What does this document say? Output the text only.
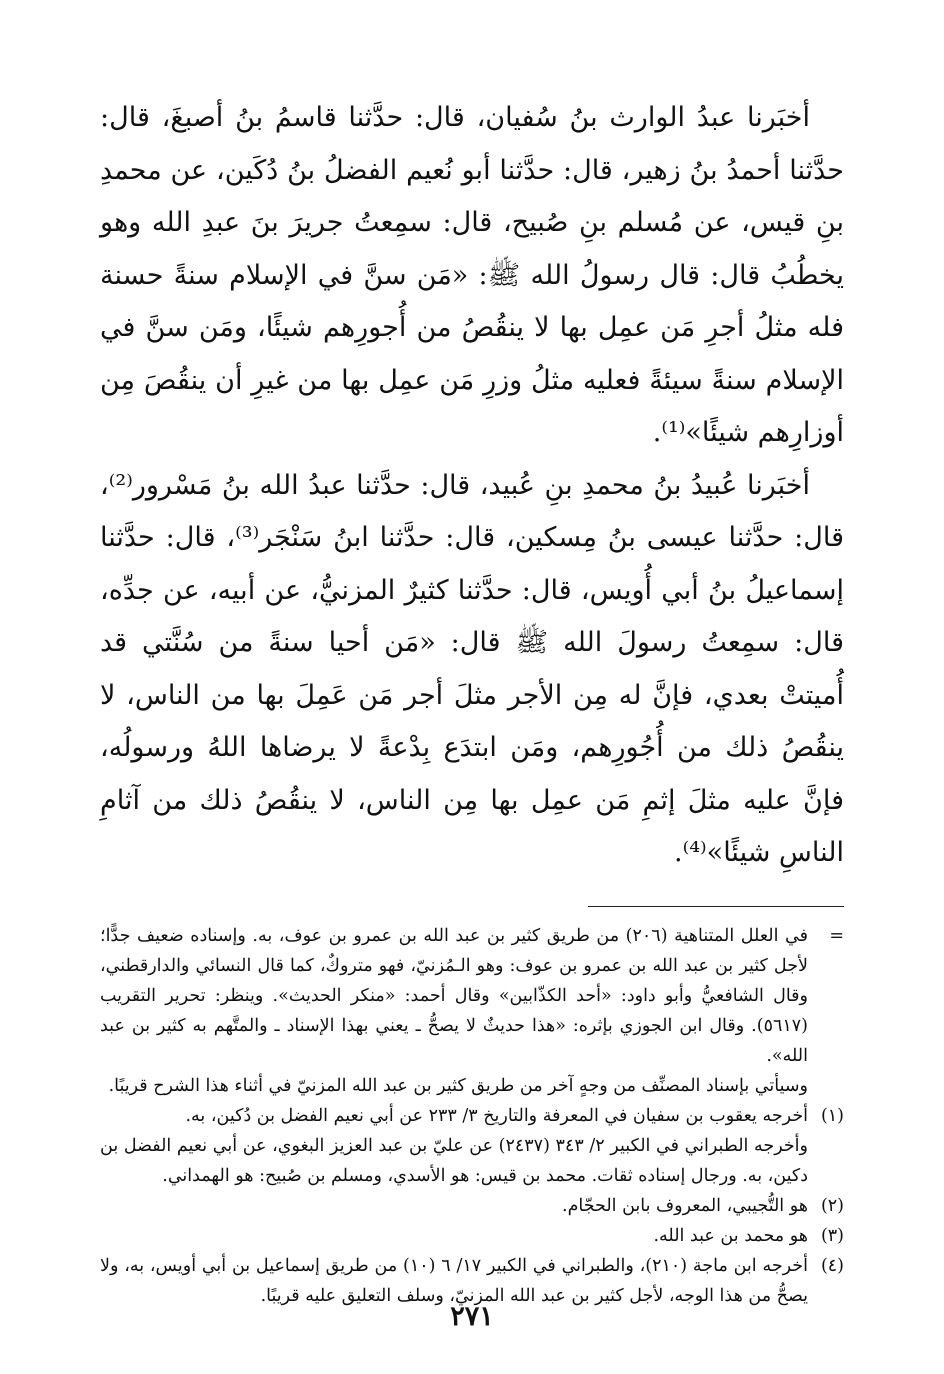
أخبَرنا عبدُ الوارث بنُ سُفيان، قال: حدَّثنا قاسمُ بنُ أصبغَ، قال: حدَّثنا أحمدُ بنُ زهير، قال: حدَّثنا أبو نُعيم الفضلُ بنُ دُكَين، عن محمدِ بنِ قيس، عن مُسلم بنِ صُبيح، قال: سمِعتُ جريرَ بنَ عبدِ الله وهو يخطُبُ قال: قال رسولُ الله ﷺ: «مَن سنَّ في الإسلام سنةً حسنة فله مثلُ أجرِ مَن عمِل بها لا ينقُصُ من أُجورِهم شيئًا، ومَن سنَّ في الإسلام سنةً سيئةً فعليه مثلُ وزرِ مَن عمِل بها من غيرِ أن ينقُصَ مِن أوزارِهم شيئًا»⁽¹⁾.

أخبَرنا عُبيدُ بنُ محمدِ بنِ عُبيد، قال: حدَّثنا عبدُ الله بنُ مَسْرور⁽²⁾، قال: حدَّثنا عيسى بنُ مِسكين، قال: حدَّثنا ابنُ سَنْجَر⁽³⁾، قال: حدَّثنا إسماعيلُ بنُ أبي أُويس، قال: حدَّثنا كثيرٌ المزنيُّ، عن أبيه، عن جدِّه، قال: سمِعتُ رسولَ الله ﷺ قال: «مَن أحيا سنةً من سُنَّتي قد أُميتتْ بعدي، فإنَّ له مِن الأجر مثلَ أجر مَن عَمِلَ بها من الناس، لا ينقُصُ ذلك من أُجُورِهم، ومَن ابتدَع بِدْعةً لا يرضاها اللهُ ورسولُه، فإنَّ عليه مثلَ إثمِ مَن عمِل بها مِن الناس، لا ينقُصُ ذلك من آثامِ الناسِ شيئًا»⁽⁴⁾.

=
في العلل المتناهية (٢٠٦) من طريق كثير بن عبد الله بن عمرو بن عوف، به. وإسناده ضعيف جدًّا؛ لأجل كثير بن عبد الله بن عمرو بن عوف: وهو الـمُزنيّ، فهو متروكٌ، كما قال النسائي والدارقطني، وقال الشافعيُّ وأبو داود: «أحد الكذّابين» وقال أحمد: «منكر الحديث». وينظر: تحرير التقريب (٥٦١٧). وقال ابن الجوزي بإثره: «هذا حديثٌ لا يصحُّ ـ يعني بهذا الإسناد ـ والمتَّهم به كثير بن عبد الله».

وسيأتي بإسناد المصنِّف من وجهٍ آخر من طريق كثير بن عبد الله المزنيّ في أثناء هذا الشرح قريبًا.

(١)
أخرجه يعقوب بن سفيان في المعرفة والتاريخ ٣/ ٢٣٣ عن أبي نعيم الفضل بن دُكين، به.

وأخرجه الطبراني في الكبير ٢/ ٣٤٣ (٢٤٣٧) عن عليّ بن عبد العزيز البغوي، عن أبي نعيم الفضل بن دكين، به. ورجال إسناده ثقات. محمد بن قيس: هو الأسدي، ومسلم بن صُبيح: هو الهمداني.

(٢)
هو التُّجيبي، المعروف بابن الحجّام.

(٣)
هو محمد بن عبد الله.

(٤)
أخرجه ابن ماجة (٢١٠)، والطبراني في الكبير ١٧/ ٦ (١٠) من طريق إسماعيل بن أبي أويس، به، ولا يصحُّ من هذا الوجه، لأجل كثير بن عبد الله المزنيّ، وسلف التعليق عليه قريبًا.

٢٧١
